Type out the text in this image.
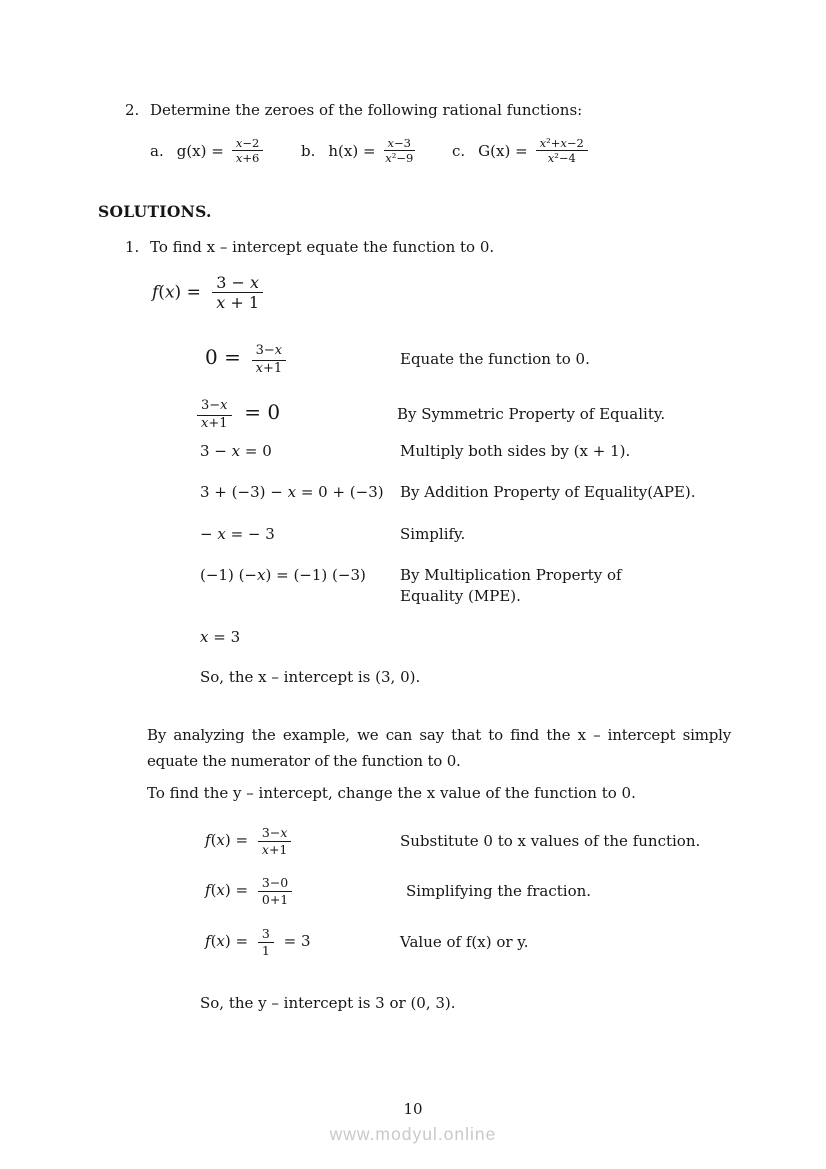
2. Determine the zeroes of the following rational functions:
a. $g(x) = \frac{x-2}{x+6}$	b. $h(x) = \frac{x-3}{\text{x²−9}} c$. $G(x) = \frac{\text{x²+x−2}}{\text{x²−4}}$
SOLUTIONS.
1. To find x – intercept equate the function to 0.
$f(x) = \frac{3 - x}{x + 1}$
$0 = \frac{3-x}{x+1}$	Equate the function to 0.
$\frac{3-x}{x+1} = 0$	By Symmetric Property of Equality.
3 − x = 0	Multiply both sides by (x + 1).
3 + (−3) − x = 0 + (−3)	By Addition Property of Equality(APE).
− x = − 3	Simplify.
(−1) (−x) = (−1) (−3)	By Multiplication Property of
Equality (MPE).
x = 3
So, the x – intercept is (3, 0).
By analyzing the example, we can say that to find the x – intercept simply equate the numerator of the function to 0.
To find the y – intercept, change the x value of the function to 0.
$f(x) = \frac{3-x}{x+1}$	Substitute 0 to x values of the function.
$f(x) = \frac{3-0}{0+1}$	Simplifying the fraction.
$f(x) = \frac{3}{1} = 3$	Value of f(x) or y.
So, the y – intercept is 3 or (0, 3).
10
www.modyul.online
